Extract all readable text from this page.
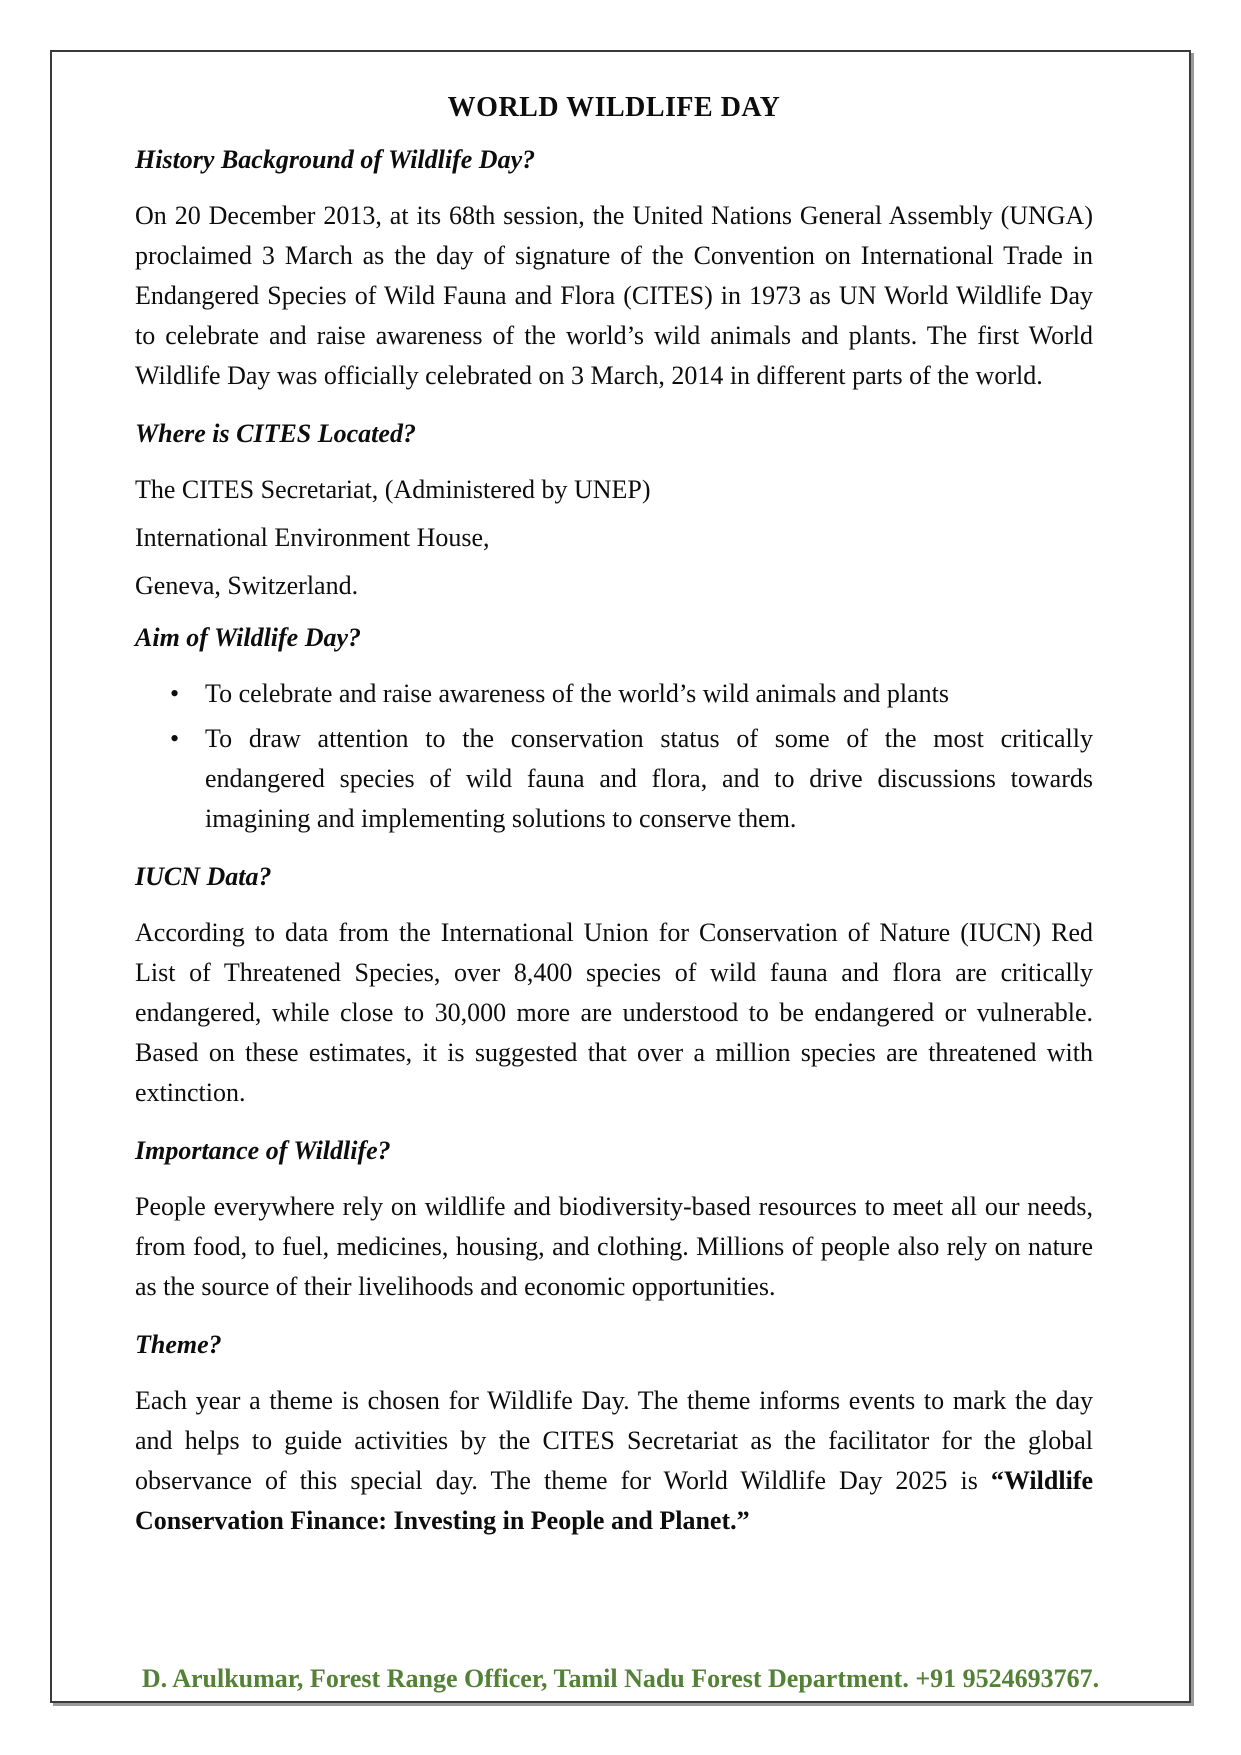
WORLD WILDLIFE DAY
History Background of Wildlife Day?

On 20 December 2013, at its 68th session, the United Nations General Assembly (UNGA) proclaimed 3 March as the day of signature of the Convention on International Trade in Endangered Species of Wild Fauna and Flora (CITES) in 1973 as UN World Wildlife Day to celebrate and raise awareness of the world’s wild animals and plants. The first World Wildlife Day was officially celebrated on 3 March, 2014 in different parts of the world.

Where is CITES Located?

The CITES Secretariat, (Administered by UNEP)

International Environment House,

Geneva, Switzerland.

Aim of Wildlife Day?
• To celebrate and raise awareness of the world’s wild animals and plants
• To draw attention to the conservation status of some of the most critically endangered species of wild fauna and flora, and to drive discussions towards imagining and implementing solutions to conserve them.
IUCN Data?

According to data from the International Union for Conservation of Nature (IUCN) Red List of Threatened Species, over 8,400 species of wild fauna and flora are critically endangered, while close to 30,000 more are understood to be endangered or vulnerable. Based on these estimates, it is suggested that over a million species are threatened with extinction.

Importance of Wildlife?

People everywhere rely on wildlife and biodiversity-based resources to meet all our needs, from food, to fuel, medicines, housing, and clothing. Millions of people also rely on nature as the source of their livelihoods and economic opportunities.

Theme?

Each year a theme is chosen for Wildlife Day. The theme informs events to mark the day and helps to guide activities by the CITES Secretariat as the facilitator for the global observance of this special day. The theme for World Wildlife Day 2025 is “Wildlife Conservation Finance: Investing in People and Planet.”

D. Arulkumar, Forest Range Officer, Tamil Nadu Forest Department. +91 9524693767.
